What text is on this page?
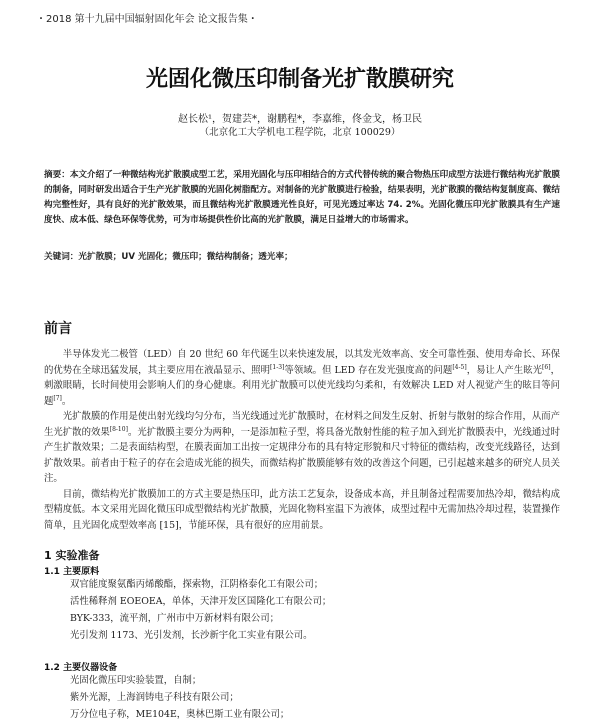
・2018 第十九届中国辐射固化年会 论文报告集・
光固化微压印制备光扩散膜研究
赵长松¹，贺建芸*，谢鹏程*，李嘉维，佟金戈，杨卫民
（北京化工大学机电工程学院，北京 100029）
摘要：本文介绍了一种微结构光扩散膜成型工艺，采用光固化与压印相结合的方式代替传统的聚合物热压印成型方法进行微结构光扩散膜的制备，同时研发出适合于生产光扩散膜的光固化树脂配方。对制备的光扩散膜进行检验，结果表明，光扩散膜的微结构复制度高、微结构完整性好，具有良好的光扩散效果，而且微结构光扩散膜透光性良好，可见光透过率达 74. 2%。光固化微压印光扩散膜具有生产速度快、成本低、绿色环保等优势，可为市场提供性价比高的光扩散膜，满足日益增大的市场需求。
关键词：光扩散膜；UV 光固化；微压印；微结构制备；透光率；
前言

半导体发光二极管（LED）自 20 世纪 60 年代诞生以来快速发展，以其发光效率高、安全可靠性强、使用寿命长、环保的优势在全球迅猛发展，其主要应用在液晶显示、照明[1-3]等领域。但 LED 存在发光强度高的问题[4-5]，易让人产生眩光[6]，刺激眼睛，长时间使用会影响人们的身心健康。利用光扩散膜可以使光线均匀柔和，有效解决 LED 对人视觉产生的眩目等问题[7]。

光扩散膜的作用是使出射光线均匀分布，当光线通过光扩散膜时，在材料之间发生反射、折射与散射的综合作用，从而产生光扩散的效果[8-10]。光扩散膜主要分为两种，一是添加粒子型，将具备光散射性能的粒子加入到光扩散膜表中，光线通过时产生扩散效果；二是表面结构型，在膜表面加工出按一定规律分布的具有特定形貌和尺寸特征的微结构，改变光线路径，达到扩散效果。前者由于粒子的存在会造成光能的损失，而微结构扩散膜能够有效的改善这个问题，已引起越来越多的研究人员关注。

目前，微结构光扩散膜加工的方式主要是热压印，此方法工艺复杂，设备成本高，并且制备过程需要加热冷却，微结构成型精度低。本文采用光固化微压印成型微结构光扩散膜，光固化物料室温下为液体，成型过程中无需加热冷却过程，装置操作简单，且光固化成型效率高 [15]，节能环保，具有很好的应用前景。

1 实验准备
1.1 主要原料
双官能度聚氨酯丙烯酸酯，探索物，江阴格泰化工有限公司；
活性稀释剂 EOEOEA，单体，天津开发区国隆化工有限公司；
BYK-333，流平剂，广州市中万新材料有限公司；
光引发剂 1173、光引发剂，长沙新宇化工实业有限公司。
1.2 主要仪器设备
光固化微压印实验装置，自制；
紫外光源，上海润铸电子科技有限公司；
万分位电子称，ME104E，奥林巴斯工业有限公司；
